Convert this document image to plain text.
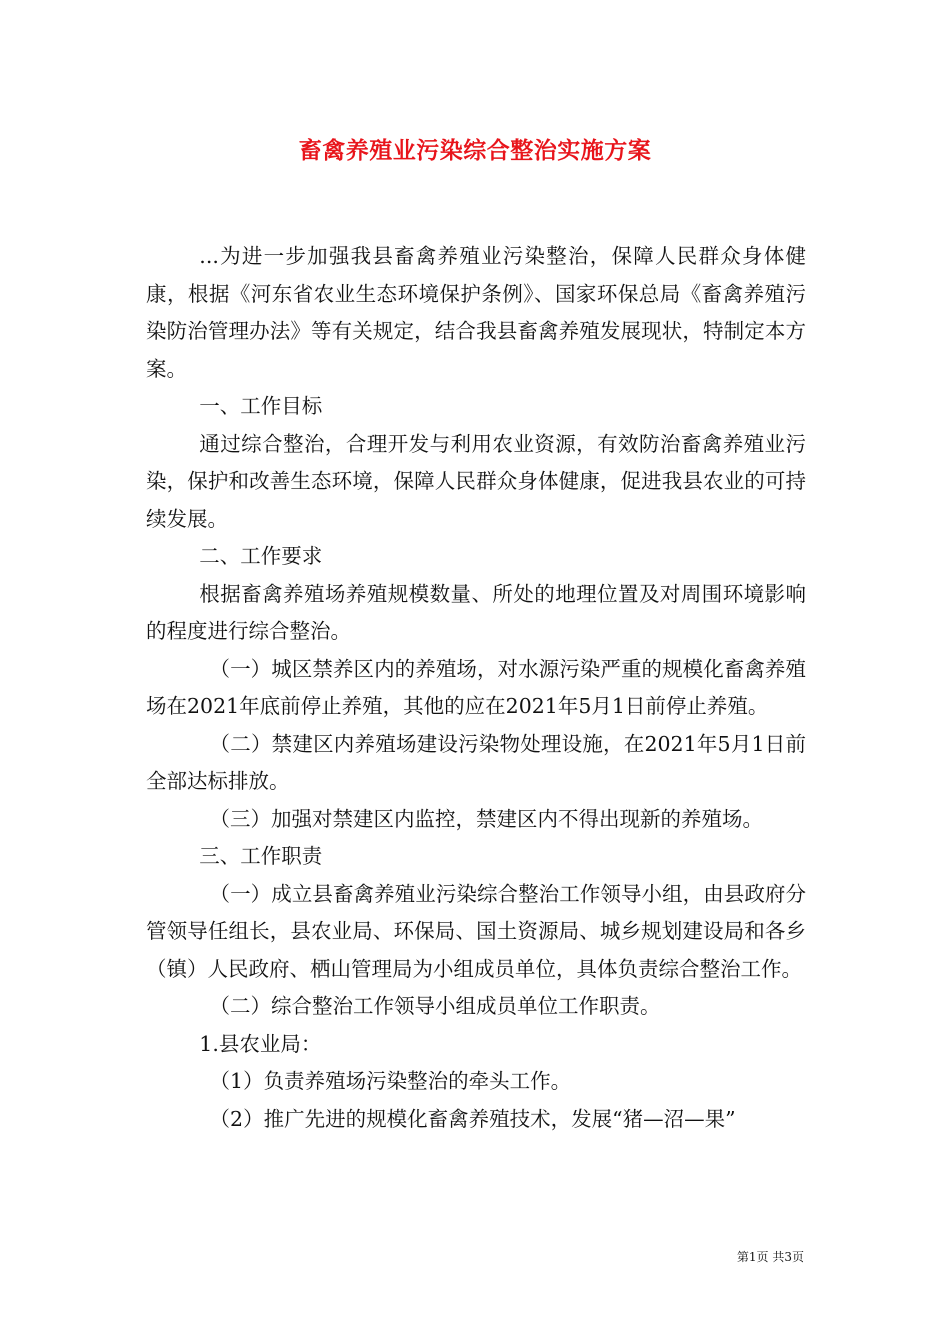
畜禽养殖业污染综合整治实施方案

...为进一步加强我县畜禽养殖业污染整治，保障人民群众身体健康，根据《河东省农业生态环境保护条例》、国家环保总局《畜禽养殖污染防治管理办法》等有关规定，结合我县畜禽养殖发展现状，特制定本方案。

一、工作目标

通过综合整治，合理开发与利用农业资源，有效防治畜禽养殖业污染，保护和改善生态环境，保障人民群众身体健康，促进我县农业的可持续发展。

二、工作要求

根据畜禽养殖场养殖规模数量、所处的地理位置及对周围环境影响的程度进行综合整治。

（一）城区禁养区内的养殖场，对水源污染严重的规模化畜禽养殖场在2021年底前停止养殖，其他的应在2021年5月1日前停止养殖。

（二）禁建区内养殖场建设污染物处理设施，在2021年5月1日前全部达标排放。

（三）加强对禁建区内监控，禁建区内不得出现新的养殖场。

三、工作职责

（一）成立县畜禽养殖业污染综合整治工作领导小组，由县政府分管领导任组长，县农业局、环保局、国土资源局、城乡规划建设局和各乡（镇）人民政府、栖山管理局为小组成员单位，具体负责综合整治工作。

（二）综合整治工作领导小组成员单位工作职责。

1.县农业局：

（1）负责养殖场污染整治的牵头工作。

（2）推广先进的规模化畜禽养殖技术，发展“猪—沼—果”

第1页 共3页
